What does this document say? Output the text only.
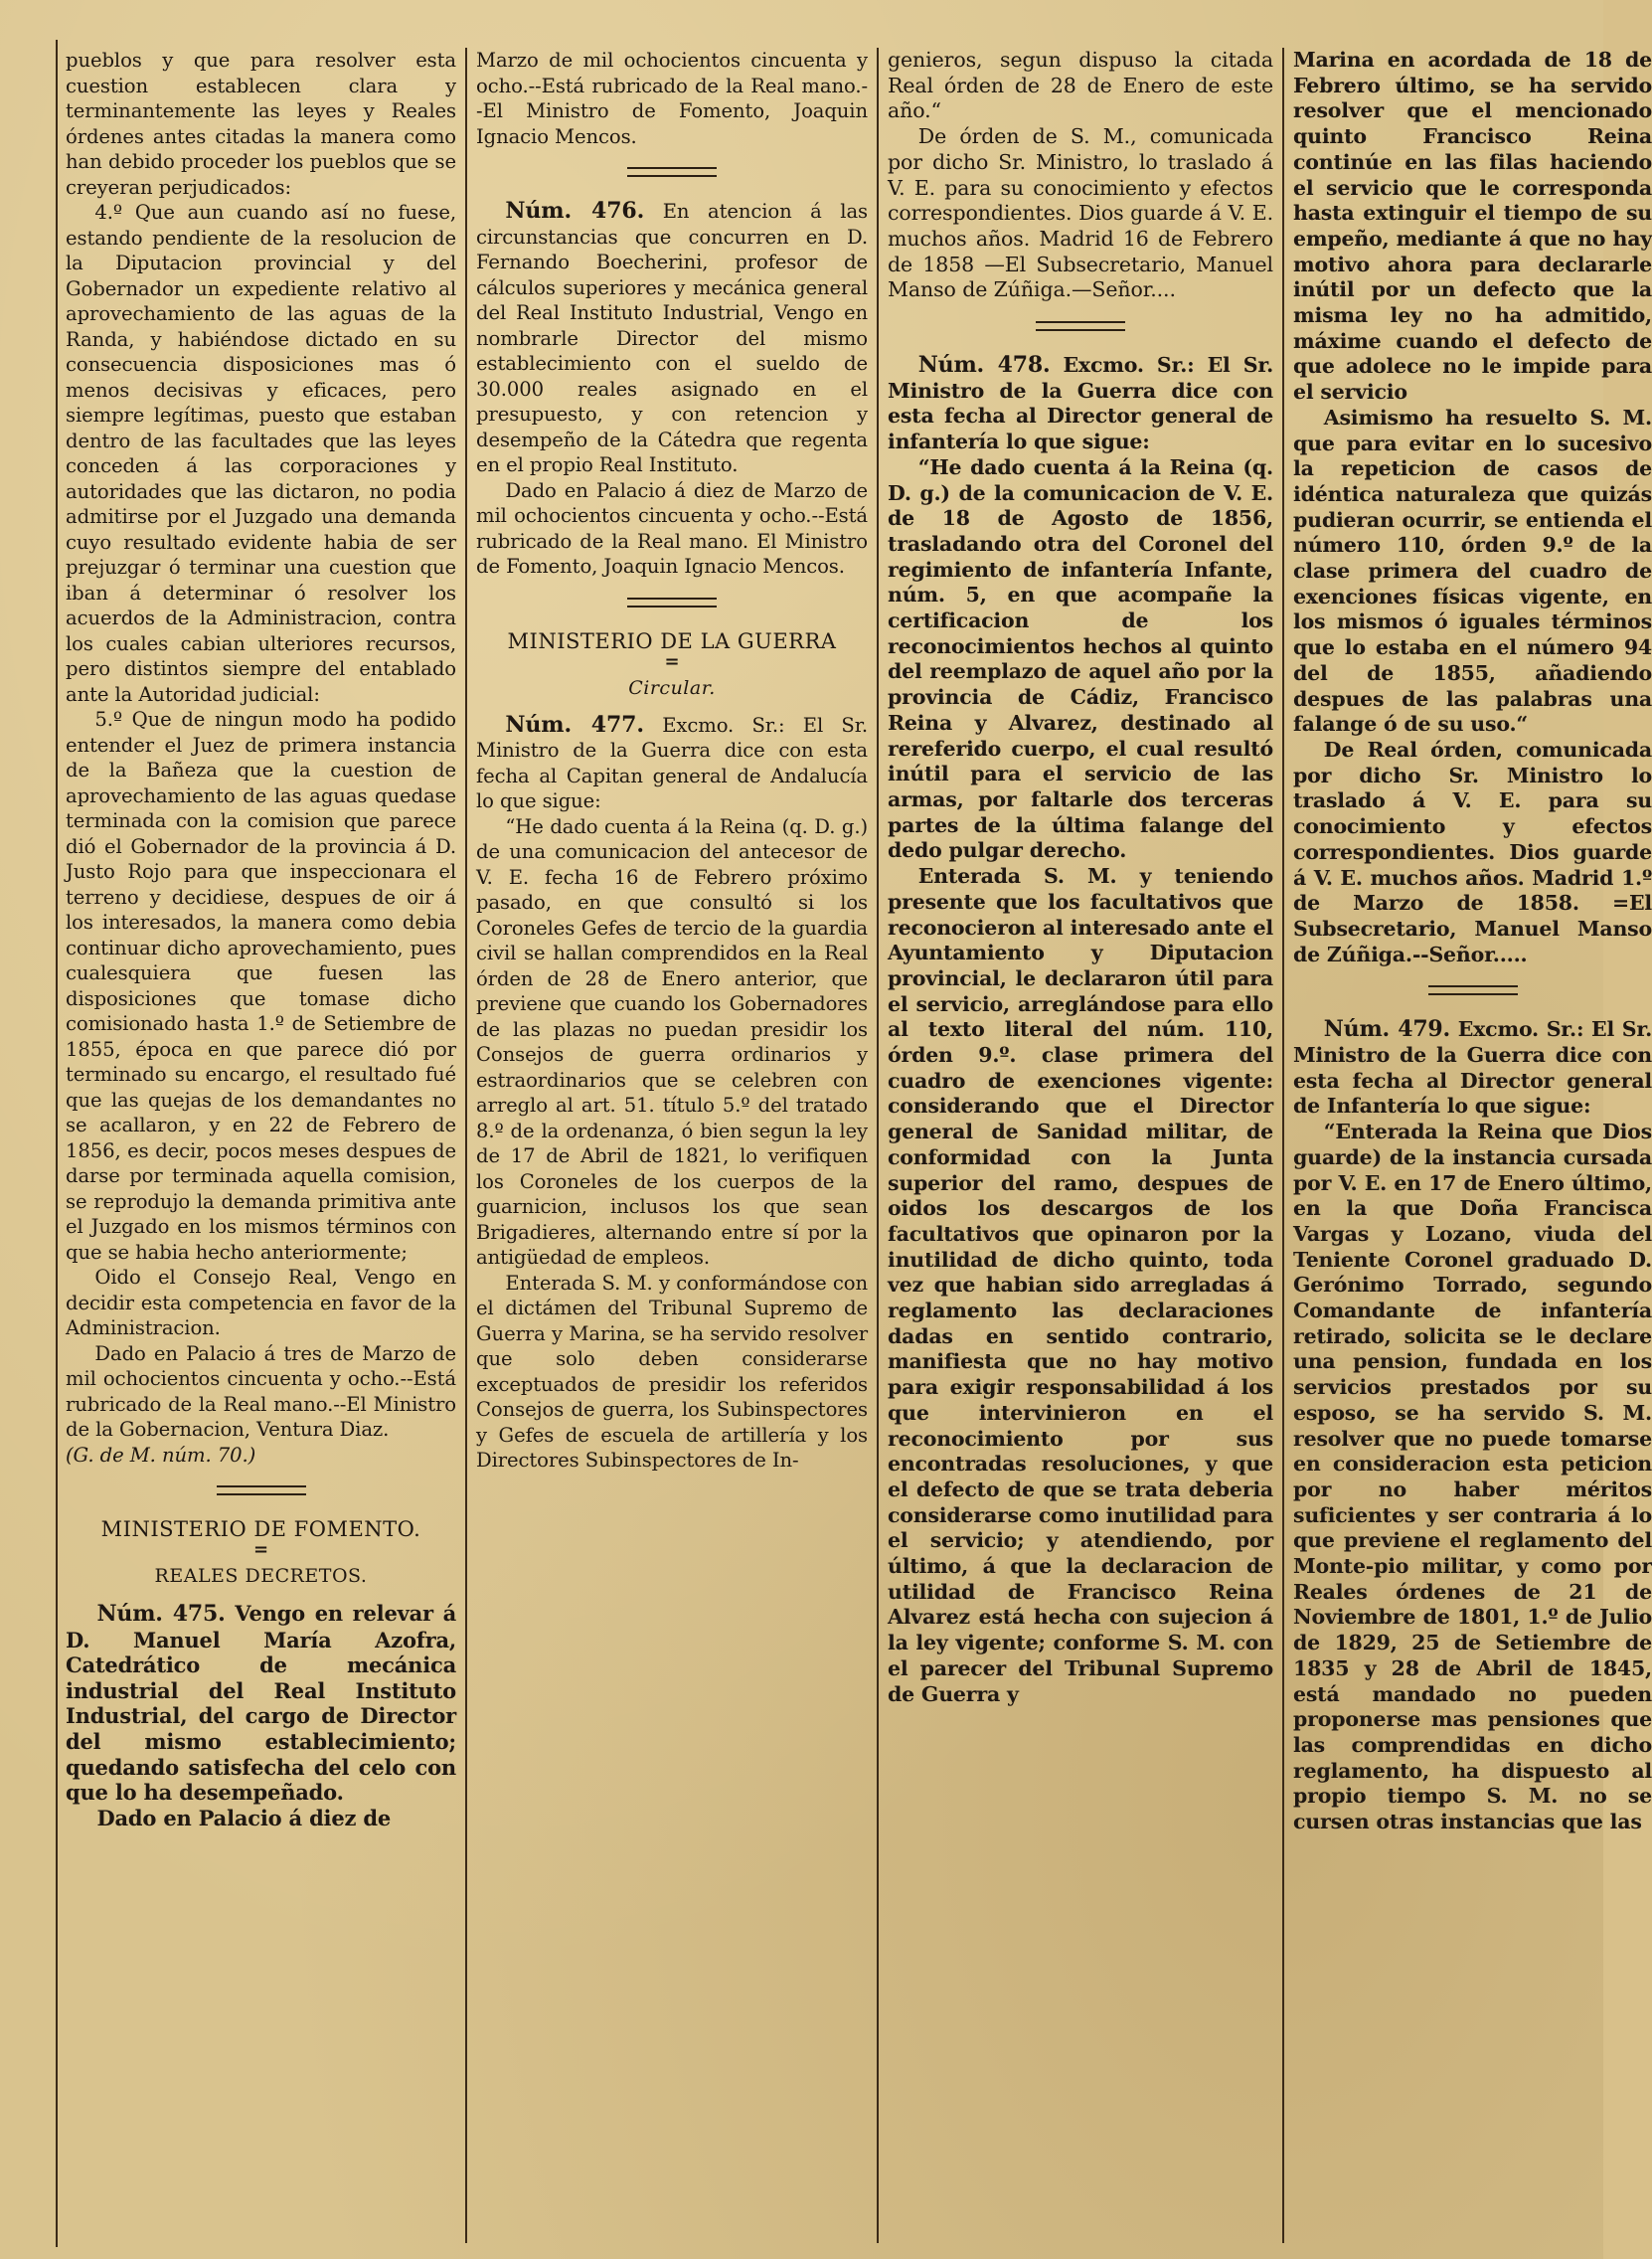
pueblos y que para resolver esta cuestion establecen clara y terminantemente las leyes y Reales órdenes antes citadas la manera como han debido proceder los pueblos que se creyeran perjudicados:

4.º Que aun cuando así no fuese, estando pendiente de la resolucion de la Diputacion provincial y del Gobernador un expediente relativo al aprovechamiento de las aguas de la Randa, y habiéndose dictado en su consecuencia disposiciones mas ó menos decisivas y eficaces, pero siempre legítimas, puesto que estaban dentro de las facultades que las leyes conceden á las corporaciones y autoridades que las dictaron, no podia admitirse por el Juzgado una demanda cuyo resultado evidente habia de ser prejuzgar ó terminar una cuestion que iban á determinar ó resolver los acuerdos de la Administracion, contra los cuales cabian ulteriores recursos, pero distintos siempre del entablado ante la Autoridad judicial:

5.º Que de ningun modo ha podido entender el Juez de primera instancia de la Bañeza que la cuestion de aprovechamiento de las aguas quedase terminada con la comision que parece dió el Gobernador de la provincia á D. Justo Rojo para que inspeccionara el terreno y decidiese, despues de oir á los interesados, la manera como debia continuar dicho aprovechamiento, pues cualesquiera que fuesen las disposiciones que tomase dicho comisionado hasta 1.º de Setiembre de 1855, época en que parece dió por terminado su encargo, el resultado fué que las quejas de los demandantes no se acallaron, y en 22 de Febrero de 1856, es decir, pocos meses despues de darse por terminada aquella comision, se reprodujo la demanda primitiva ante el Juzgado en los mismos términos con que se habia hecho anteriormente;

Oido el Consejo Real, Vengo en decidir esta competencia en favor de la Administracion.

Dado en Palacio á tres de Marzo de mil ochocientos cincuenta y ocho.--Está rubricado de la Real mano.--El Ministro de la Gobernacion, Ventura Diaz.

(G. de M. núm. 70.)

MINISTERIO DE FOMENTO.
=
REALES DECRETOS.

Núm. 475. Vengo en relevar á D. Manuel María Azofra, Catedrático de mecánica industrial del Real Instituto Industrial, del cargo de Director del mismo establecimiento; quedando satisfecha del celo con que lo ha desempeñado.

Dado en Palacio á diez de

Marzo de mil ochocientos cincuenta y ocho.--Está rubricado de la Real mano.--El Ministro de Fomento, Joaquin Ignacio Mencos.

Núm. 476. En atencion á las circunstancias que concurren en D. Fernando Boecherini, profesor de cálculos superiores y mecánica general del Real Instituto Industrial, Vengo en nombrarle Director del mismo establecimiento con el sueldo de 30.000 reales asignado en el presupuesto, y con retencion y desempeño de la Cátedra que regenta en el propio Real Instituto.

Dado en Palacio á diez de Marzo de mil ochocientos cincuenta y ocho.--Está rubricado de la Real mano. El Ministro de Fomento, Joaquin Ignacio Mencos.

MINISTERIO DE LA GUERRA
=
Circular.

Núm. 477. Excmo. Sr.: El Sr. Ministro de la Guerra dice con esta fecha al Capitan general de Andalucía lo que sigue:

“He dado cuenta á la Reina (q. D. g.) de una comunicacion del antecesor de V. E. fecha 16 de Febrero próximo pasado, en que consultó si los Coroneles Gefes de tercio de la guardia civil se hallan comprendidos en la Real órden de 28 de Enero anterior, que previene que cuando los Gobernadores de las plazas no puedan presidir los Consejos de guerra ordinarios y estraordinarios que se celebren con arreglo al art. 51. título 5.º del tratado 8.º de la ordenanza, ó bien segun la ley de 17 de Abril de 1821, lo verifiquen los Coroneles de los cuerpos de la guarnicion, inclusos los que sean Brigadieres, alternando entre sí por la antigüedad de empleos.

Enterada S. M. y conformándose con el dictámen del Tribunal Supremo de Guerra y Marina, se ha servido resolver que solo deben considerarse exceptuados de presidir los referidos Consejos de guerra, los Subinspectores y Gefes de escuela de artillería y los Directores Subinspectores de In-

genieros, segun dispuso la citada Real órden de 28 de Enero de este año.“

De órden de S. M., comunicada por dicho Sr. Ministro, lo traslado á V. E. para su conocimiento y efectos correspondientes. Dios guarde á V. E. muchos años. Madrid 16 de Febrero de 1858 —El Subsecretario, Manuel Manso de Zúñiga.—Señor....

Núm. 478. Excmo. Sr.: El Sr. Ministro de la Guerra dice con esta fecha al Director general de infantería lo que sigue:

“He dado cuenta á la Reina (q. D. g.) de la comunicacion de V. E. de 18 de Agosto de 1856, trasladando otra del Coronel del regimiento de infantería Infante, núm. 5, en que acompañe la certificacion de los reconocimientos hechos al quinto del reemplazo de aquel año por la provincia de Cádiz, Francisco Reina y Alvarez, destinado al rereferido cuerpo, el cual resultó inútil para el servicio de las armas, por faltarle dos terceras partes de la última falange del dedo pulgar derecho.

Enterada S. M. y teniendo presente que los facultativos que reconocieron al interesado ante el Ayuntamiento y Diputacion provincial, le declararon útil para el servicio, arreglándose para ello al texto literal del núm. 110, órden 9.º. clase primera del cuadro de exenciones vigente: considerando que el Director general de Sanidad militar, de conformidad con la Junta superior del ramo, despues de oidos los descargos de los facultativos que opinaron por la inutilidad de dicho quinto, toda vez que habian sido arregladas á reglamento las declaraciones dadas en sentido contrario, manifiesta que no hay motivo para exigir responsabilidad á los que intervinieron en el reconocimiento por sus encontradas resoluciones, y que el defecto de que se trata deberia considerarse como inutilidad para el servicio; y atendiendo, por último, á que la declaracion de utilidad de Francisco Reina Alvarez está hecha con sujecion á la ley vigente; conforme S. M. con el parecer del Tribunal Supremo de Guerra y

Marina en acordada de 18 de Febrero último, se ha servido resolver que el mencionado quinto Francisco Reina continúe en las filas haciendo el servicio que le corresponda hasta extinguir el tiempo de su empeño, mediante á que no hay motivo ahora para declararle inútil por un defecto que la misma ley no ha admitido, máxime cuando el defecto de que adolece no le impide para el servicio

Asimismo ha resuelto S. M. que para evitar en lo sucesivo la repeticion de casos de idéntica naturaleza que quizás pudieran ocurrir, se entienda el número 110, órden 9.º de la clase primera del cuadro de exenciones físicas vigente, en los mismos ó iguales términos que lo estaba en el número 94 del de 1855, añadiendo despues de las palabras una falange ó de su uso.“

De Real órden, comunicada por dicho Sr. Ministro lo traslado á V. E. para su conocimiento y efectos correspondientes. Dios guarde á V. E. muchos años. Madrid 1.º de Marzo de 1858. =El Subsecretario, Manuel Manso de Zúñiga.--Señor.....

Núm. 479. Excmo. Sr.: El Sr. Ministro de la Guerra dice con esta fecha al Director general de Infantería lo que sigue:

“Enterada la Reina que Dios guarde) de la instancia cursada por V. E. en 17 de Enero último, en la que Doña Francisca Vargas y Lozano, viuda del Teniente Coronel graduado D. Gerónimo Torrado, segundo Comandante de infantería retirado, solicita se le declare una pension, fundada en los servicios prestados por su esposo, se ha servido S. M. resolver que no puede tomarse en consideracion esta peticion por no haber méritos suficientes y ser contraria á lo que previene el reglamento del Monte-pio militar, y como por Reales órdenes de 21 de Noviembre de 1801, 1.º de Julio de 1829, 25 de Setiembre de 1835 y 28 de Abril de 1845, está mandado no pueden proponerse mas pensiones que las comprendidas en dicho reglamento, ha dispuesto al propio tiempo S. M. no se cursen otras instancias que las
